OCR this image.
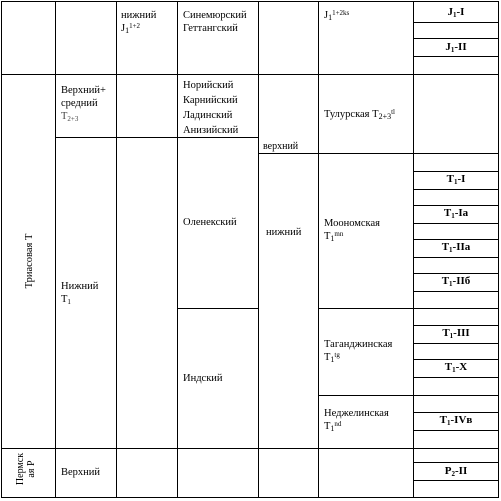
нижний
$J1^{1+2}$
Синемюрский
Геттангский
$J1^{1+2ks}$	J1-I
J1-II
Триасовая Т
Верхний+ средний
Т2+3
Норийский
Карнийский
Ладинский
Анизийский
Тулурская $Т2+3^{tl}$
Нижний
Т1
Оленекский
верхний
нижний
Моономская
$Т1^{mn}$
T1-I
T1-Ia
T1-IIa
T1-IIб
Индский
Таганджинская
$Т1^{tg}$
Неджелинская
Т1nd
T1-III
T1-X
T1-IVв
Пермск ая Р Верхний	P2-II
